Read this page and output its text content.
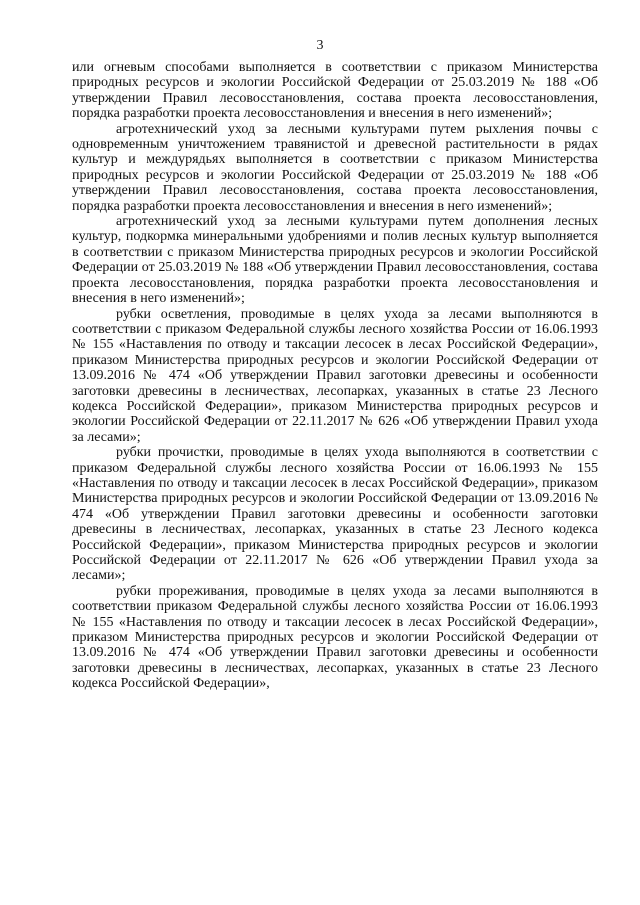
3

или огневым способами выполняется в соответствии с приказом Министерства природных ресурсов и экологии Российской Федерации от 25.03.2019 № 188 «Об утверждении Правил лесовосстановления, состава проекта лесовосстановления, порядка разработки проекта лесовосстановления и внесения в него изменений»;

агротехнический уход за лесными культурами путем рыхления почвы с одновременным уничтожением травянистой и древесной растительности в рядах культур и междурядьях выполняется в соответствии с приказом Министерства природных ресурсов и экологии Российской Федерации от 25.03.2019 № 188 «Об утверждении Правил лесовосстановления, состава проекта лесовосстановления, порядка разработки проекта лесовосстановления и внесения в него изменений»;

агротехнический уход за лесными культурами путем дополнения лесных культур, подкормка минеральными удобрениями и полив лесных культур выполняется в соответствии с приказом Министерства природных ресурсов и экологии Российской Федерации от 25.03.2019 № 188 «Об утверждении Правил лесовосстановления, состава проекта лесовосстановления, порядка разработки проекта лесовосстановления и внесения в него изменений»;

рубки осветления, проводимые в целях ухода за лесами выполняются в соответствии с приказом Федеральной службы лесного хозяйства России от 16.06.1993 № 155 «Наставления по отводу и таксации лесосек в лесах Российской Федерации», приказом Министерства природных ресурсов и экологии Российской Федерации от 13.09.2016 № 474 «Об утверждении Правил заготовки древесины и особенности заготовки древесины в лесничествах, лесопарках, указанных в статье 23 Лесного кодекса Российской Федерации», приказом Министерства природных ресурсов и экологии Российской Федерации от 22.11.2017 № 626 «Об утверждении Правил ухода за лесами»;

рубки прочистки, проводимые в целях ухода выполняются в соответствии с приказом Федеральной службы лесного хозяйства России от 16.06.1993 № 155 «Наставления по отводу и таксации лесосек в лесах Российской Федерации», приказом Министерства природных ресурсов и экологии Российской Федерации от 13.09.2016 № 474 «Об утверждении Правил заготовки древесины и особенности заготовки древесины в лесничествах, лесопарках, указанных в статье 23 Лесного кодекса Российской Федерации», приказом Министерства природных ресурсов и экологии Российской Федерации от 22.11.2017 № 626 «Об утверждении Правил ухода за лесами»;

рубки прореживания, проводимые в целях ухода за лесами выполняются в соответствии приказом Федеральной службы лесного хозяйства России от 16.06.1993 № 155 «Наставления по отводу и таксации лесосек в лесах Российской Федерации», приказом Министерства природных ресурсов и экологии Российской Федерации от 13.09.2016 № 474 «Об утверждении Правил заготовки древесины и особенности заготовки древесины в лесничествах, лесопарках, указанных в статье 23 Лесного кодекса Российской Федерации»,
